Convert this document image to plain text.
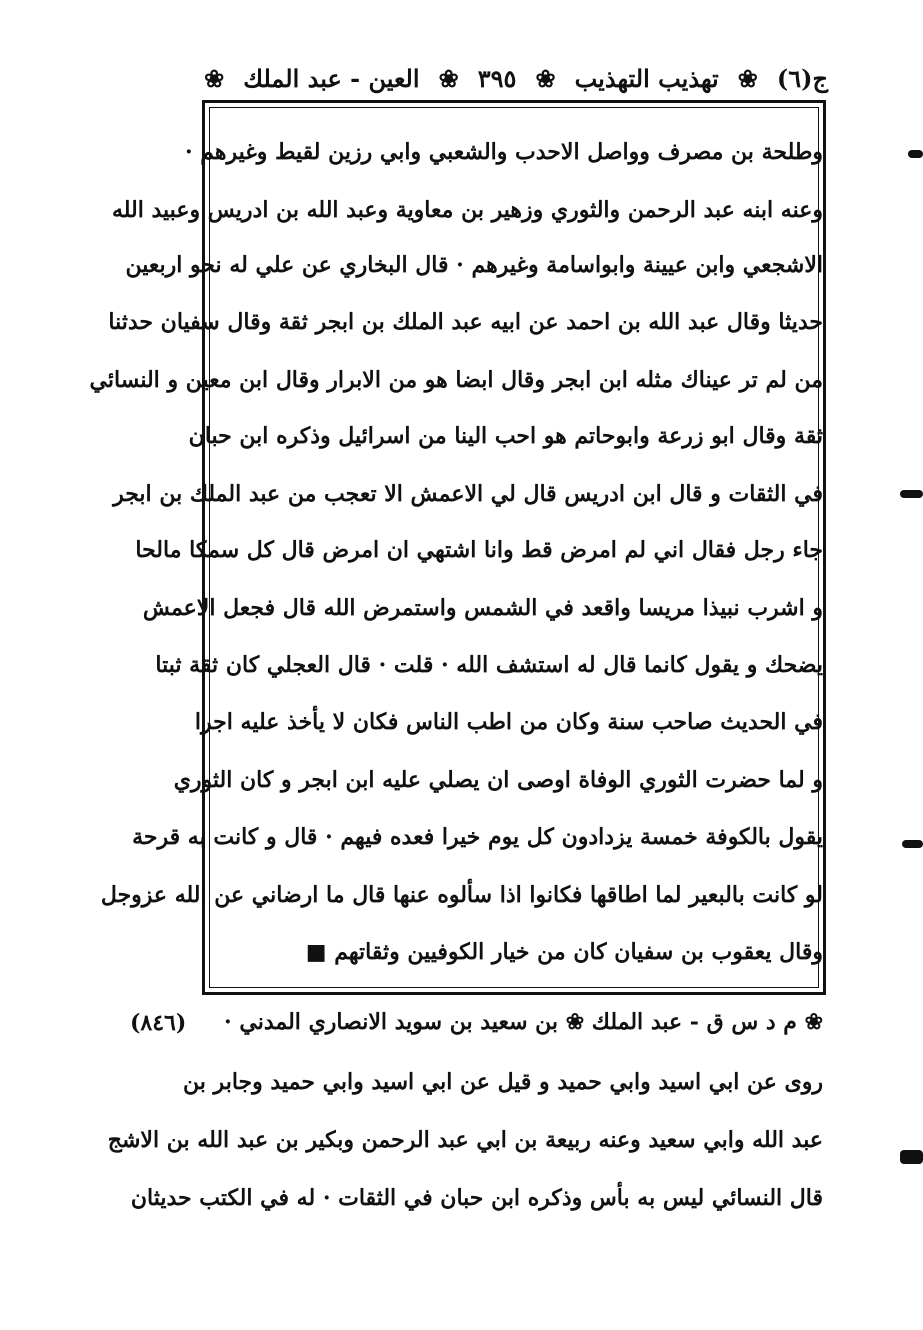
ج(٦)
❀
تهذيب التهذيب
❀
٣٩٥
❀
العين - عبد الملك
❀
وطلحة بن مصرف وواصل الاحدب والشعبي وابي رزين لقيط وغيرهم ·
وعنه ابنه عبد الرحمن والثوري وزهير بن معاوية وعبد الله بن ادريس وعبيد الله
الاشجعي وابن عيينة وابواسامة وغيرهم · قال البخاري عن علي له نحو اربعين
حديثا وقال عبد الله بن احمد عن ابيه عبد الملك بن ابجر ثقة وقال سفيان حدثنا
من لم تر عيناك مثله ابن ابجر وقال ابضا هو من الابرار وقال ابن معين و النسائي
ثقة وقال ابو زرعة وابوحاتم هو احب الينا من اسرائيل وذكره ابن حبان
في الثقات و قال ابن ادريس قال لي الاعمش الا تعجب من عبد الملك بن ابجر
جاء رجل فقال اني لم امرض قط وانا اشتهي ان امرض قال كل سمكا مالحا
و اشرب نبيذا مريسا واقعد في الشمس واستمرض الله قال فجعل الاعمش
يضحك و يقول كانما قال له استشف الله · قلت · قال العجلي كان ثقة ثبتا
في الحديث صاحب سنة وكان من اطب الناس فكان لا يأخذ عليه اجرا
و لما حضرت الثوري الوفاة اوصى ان يصلي عليه ابن ابجر و كان الثوري
يقول بالكوفة خمسة يزدادون كل يوم خيرا فعده فيهم · قال و كانت به قرحة
لو كانت بالبعير لما اطاقها فكانوا اذا سألوه عنها قال ما ارضاني عن الله عزوجل
وقال يعقوب بن سفيان كان من خيار الكوفيين وثقاتهم ■
(٨٤٦)	❀ م د س ق - عبد الملك ❀ بن سعيد بن سويد الانصاري المدني ·
روى عن ابي اسيد وابي حميد و قيل عن ابي اسيد وابي حميد وجابر بن
عبد الله وابي سعيد وعنه ربيعة بن ابي عبد الرحمن وبكير بن عبد الله بن الاشج
قال النسائي ليس به بأس وذكره ابن حبان في الثقات · له في الكتب حديثان
